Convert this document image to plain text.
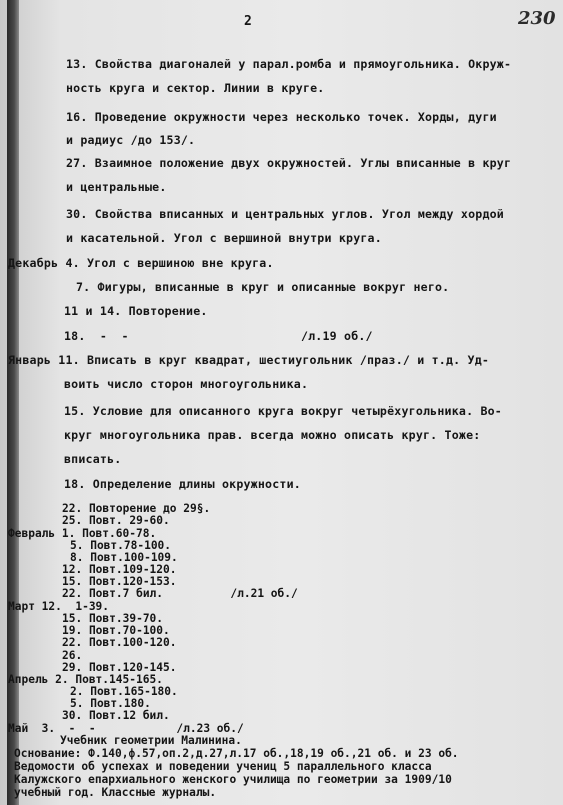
2	230
13. Свойства диагоналей у парал.ромба и прямоугольника. Окруж-
ность круга и сектор. Линии в круге.
16. Проведение окружности через несколько точек. Хорды, дуги
и радиус /до 153/.
27. Взаимное положение двух окружностей. Углы вписанные в круг
и центральные.
30. Свойства вписанных и центральных углов. Угол между хордой
и касательной. Угол с вершиной внутри круга.
Декабрь 4. Угол с вершиною вне круга.
7. Фигуры, вписанные в круг и описанные вокруг него.
11 и 14. Повторение.
18.  -  -                        /л.19 об./
Январь 11. Вписать в круг квадрат, шестиугольник /праз./ и т.д. Уд-
воить число сторон многоугольника.
15. Условие для описанного круга вокруг четырёхугольника. Во-
круг многоугольника прав. всегда можно описать круг. Тоже:
вписать.
18. Определение длины окружности.
22. Повторение до 29§.
25. Повт. 29-60.
Февраль 1. Повт.60-78.
5. Повт.78-100.
8. Повт.100-109.
12. Повт.109-120.
15. Повт.120-153.
22. Повт.7 бил.          /л.21 об./
Март 12.  1-39.
15. Повт.39-70.
19. Повт.70-100.
22. Повт.100-120.
26.
29. Повт.120-145.
Апрель 2. Повт.145-165.
2. Повт.165-180.
5. Повт.180.
30. Повт.12 бил.
Май  3.  -  -            /л.23 об./
Учебник геометрии Малинина.
Основание: Ф.140,ф.57,оп.2,д.27,л.17 об.,18,19 об.,21 об. и 23 об.
Ведомости об успехах и поведении учениц 5 параллельного класса
Калужского епархиального женского училища по геометрии за 1909/10
учебный год. Классные журналы.
